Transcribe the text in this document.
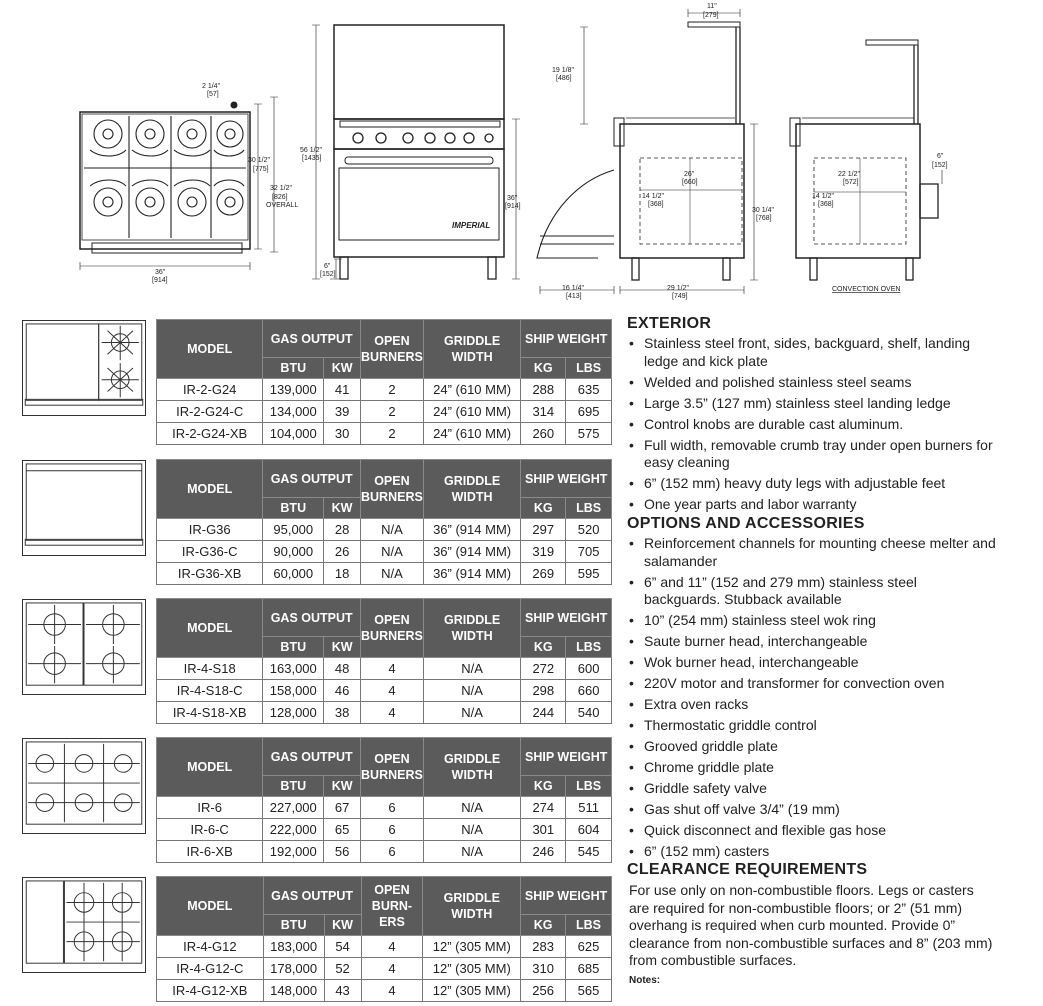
2 1/4"
[57]
30 1/2"
[775]
32 1/2"
[826]
OVERALL
36"
[914]
56 1/2"
[1435]
36"
[914]
6"
[152]
IMPERIAL
11"
[279]
19 1/8"
[486]
26"
[660]
14 1/2"
[368]
30 1/4"
[768]
16 1/4"
[413]
29 1/2"
[749]
6"
[152]
22 1/2"
[572]
14 1/2"
[368]
CONVECTION OVEN
MODEL	GAS OUTPUT		OPEN BURNERS	GRIDDLE WIDTH	SHIP WEIGHT	
	BTU	KW			KG	LBS
IR-2-G24	139,000	41	2	24” (610 MM)	288	635
IR-2-G24-C	134,000	39	2	24” (610 MM)	314	695
IR-2-G24-XB	104,000	30	2	24” (610 MM)	260	575
MODEL	GAS OUTPUT		OPEN BURNERS	GRIDDLE WIDTH	SHIP WEIGHT	
	BTU	KW			KG	LBS
IR-G36	95,000	28	N/A	36” (914 MM)	297	520
IR-G36-C	90,000	26	N/A	36” (914 MM)	319	705
IR-G36-XB	60,000	18	N/A	36” (914 MM)	269	595
MODEL	GAS OUTPUT		OPEN BURNERS	GRIDDLE WIDTH	SHIP WEIGHT	
	BTU	KW			KG	LBS
IR-4-S18	163,000	48	4	N/A	272	600
IR-4-S18-C	158,000	46	4	N/A	298	660
IR-4-S18-XB	128,000	38	4	N/A	244	540
MODEL	GAS OUTPUT		OPEN BURNERS	GRIDDLE WIDTH	SHIP WEIGHT	
	BTU	KW			KG	LBS
IR-6	227,000	67	6	N/A	274	511
IR-6-C	222,000	65	6	N/A	301	604
IR-6-XB	192,000	56	6	N/A	246	545
MODEL	GAS OUTPUT		OPEN BURN- ERS	GRIDDLE WIDTH	SHIP WEIGHT	
	BTU	KW			KG	LBS
IR-4-G12	183,000	54	4	12” (305 MM)	283	625
IR-4-G12-C	178,000	52	4	12” (305 MM)	310	685
IR-4-G12-XB	148,000	43	4	12” (305 MM)	256	565
EXTERIOR
• Stainless steel front, sides, backguard, shelf, landing ledge and kick plate
• Welded and polished stainless steel seams
• Large 3.5” (127 mm) stainless steel landing ledge
• Control knobs are durable cast aluminum.
• Full width, removable crumb tray under open burners for easy cleaning
• 6” (152 mm) heavy duty legs with adjustable feet
• One year parts and labor warranty
OPTIONS AND ACCESSORIES
• Reinforcement channels for mounting cheese melter and salamander
• 6” and 11” (152 and 279 mm) stainless steel backguards. Stubback available
• 10” (254 mm) stainless steel wok ring
• Saute burner head, interchangeable
• Wok burner head, interchangeable
• 220V motor and transformer for convection oven
• Extra oven racks
• Thermostatic griddle control
• Grooved griddle plate
• Chrome griddle plate
• Griddle safety valve
• Gas shut off valve 3/4” (19 mm)
• Quick disconnect and flexible gas hose
• 6” (152 mm) casters
CLEARANCE REQUIREMENTS
For use only on non-combustible floors. Legs or casters are required for non-combustible floors; or 2” (51 mm) overhang is required when curb mounted. Provide 0” clearance from non-combustible surfaces and 8” (203 mm) from combustible surfaces.
Notes:
